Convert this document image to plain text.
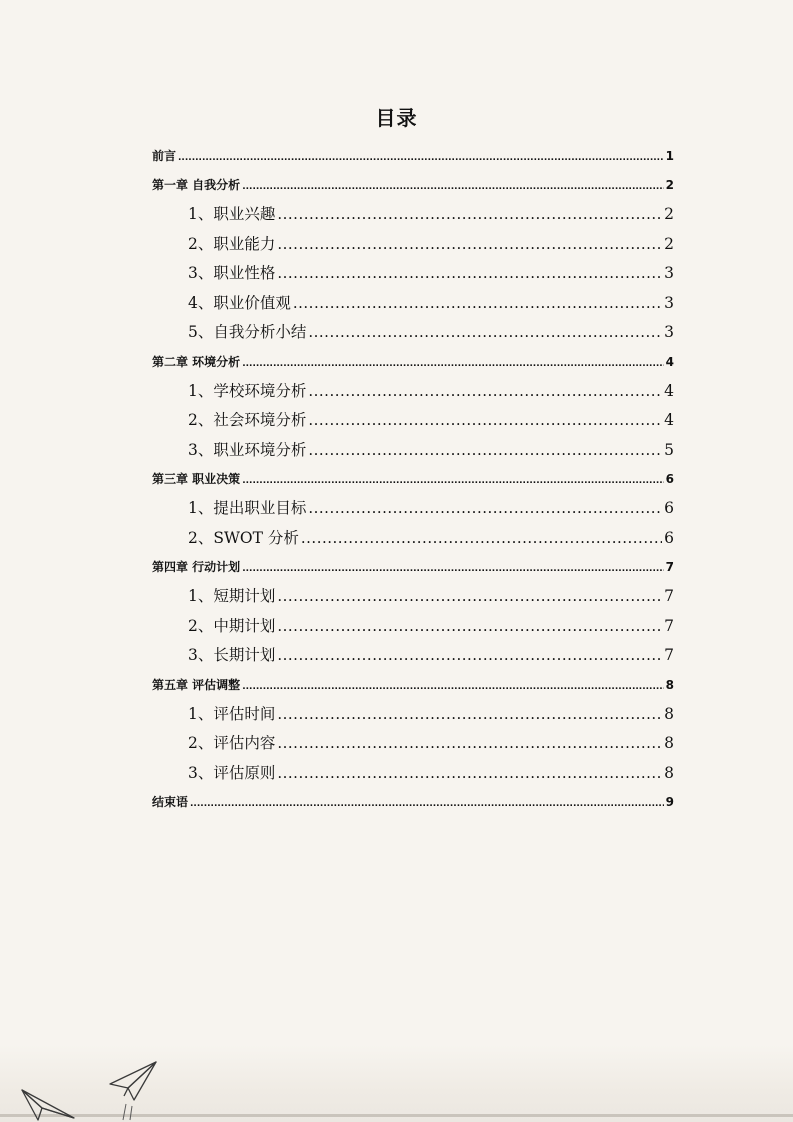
目录
前言 .....	1
第一章 自我分析 .....	2
1、职业兴趣 .....	2
2、职业能力 .....	2
3、职业性格 .....	3
4、职业价值观 .....	3
5、自我分析小结 .....	3
第二章 环境分析 .....	4
1、学校环境分析 .....	4
2、社会环境分析 .....	4
3、职业环境分析 .....	5
第三章 职业决策 .....	6
1、提出职业目标 .....	6
2、SWOT 分析 .....	6
第四章 行动计划 .....	7
1、短期计划 .....	7
2、中期计划 .....	7
3、长期计划 .....	7
第五章 评估调整 .....	8
1、评估时间 .....	8
2、评估内容 .....	8
3、评估原则 .....	8
结束语 .....	9
